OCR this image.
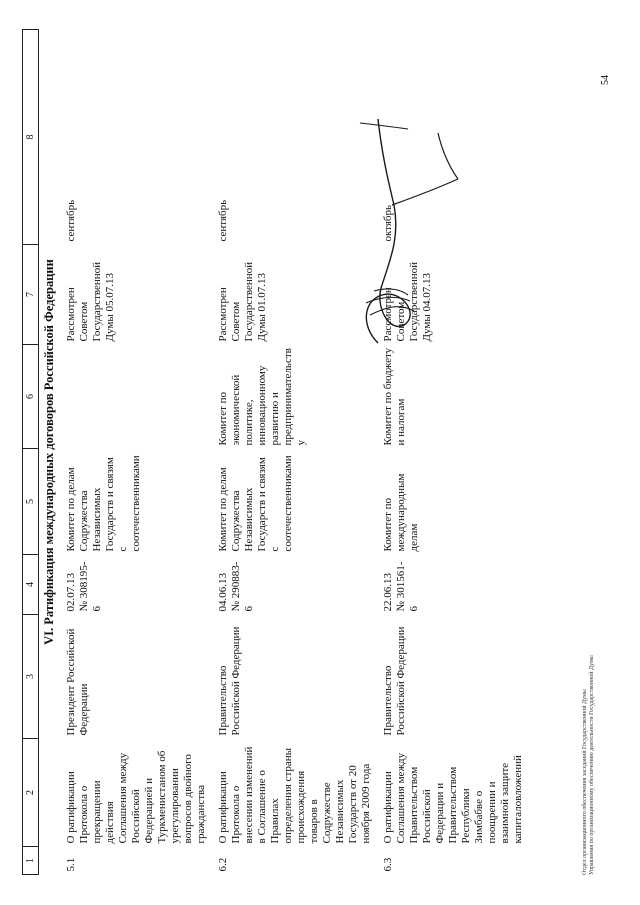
1	2	3	4	5	6	7	8
VI. Ратификация международных договоров Российской Федерации							
5.1	О ратификации Протокола о прекращении действия Соглашения между Российской Федерацией и Туркменистаном об урегулировании вопросов двойного гражданства	Президент Российской Федерации	02.07.13 № 308195-6	Комитет по делам Содружества Независимых Государств и связям с соотечественниками		Рассмотрен Советом Государственной Думы 05.07.13	сентябрь
6.2	О ратификации Протокола о внесении изменений в Соглашение о Правилах определения страны происхождения товаров в Содружестве Независимых Государств от 20 ноября 2009 года	Правительство Российской Федерации	04.06.13 № 290883-6	Комитет по делам Содружества Независимых Государств и связям с соотечественниками	Комитет по экономической политике, инновационному развитию и предпринимательству	Рассмотрен Советом Государственной Думы 01.07.13	сентябрь
6.3	О ратификации Соглашения между Правительством Российской Федерации и Правительством Республики Зимбабве о поощрении и взаимной защите капиталовложений	Правительство Российской Федерации	22.06.13 № 301561-6	Комитет по международным делам	Комитет по бюджету и налогам	Рассмотрен Советом Государственной Думы 04.07.13	октябрь
Отдел организационного обеспечения заседаний Государственной Думы Управления по организационному обеспечению деятельности Государственной Думы
54
